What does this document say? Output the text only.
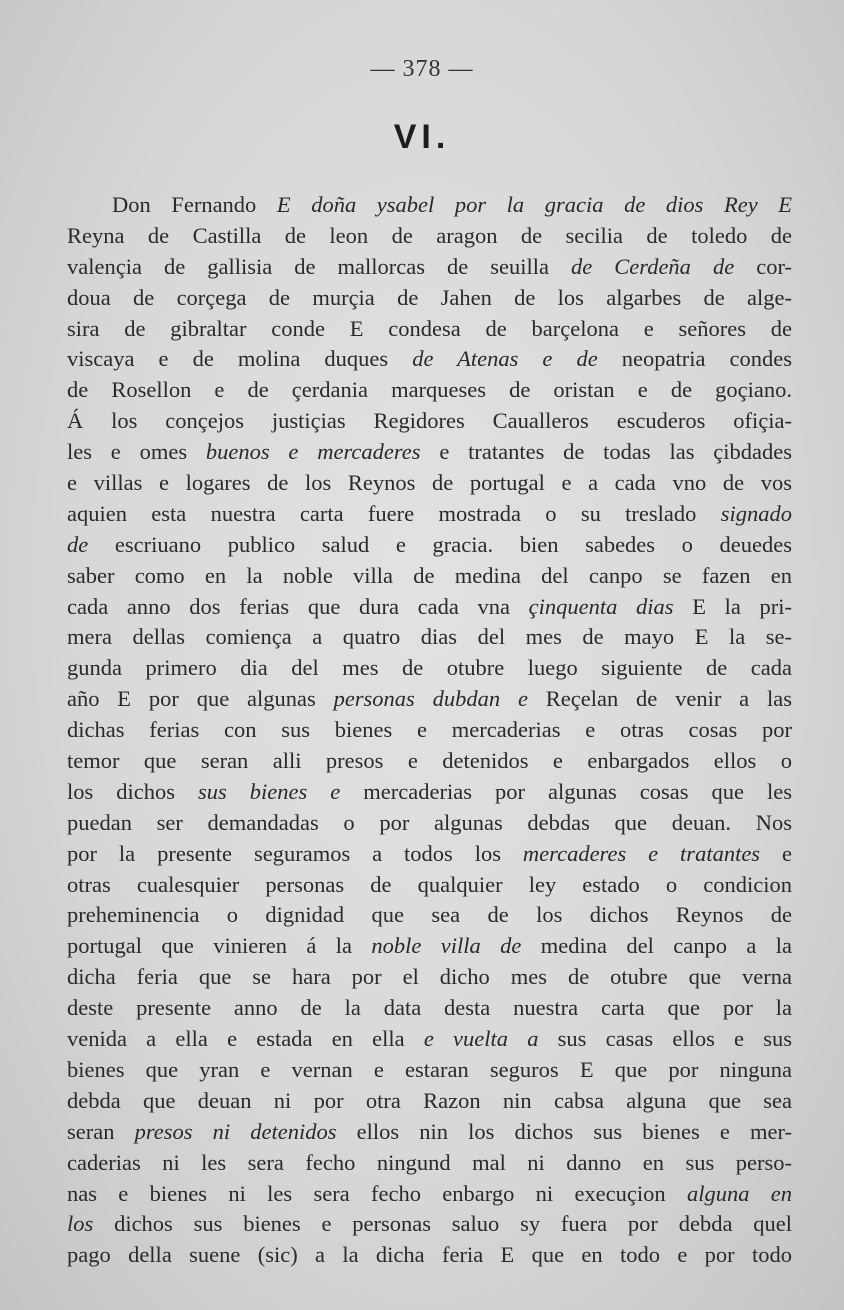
— 378 —
VI.
Don Fernando E doña ysabel por la gracia de dios Rey E
Reyna de Castilla de leon de aragon de secilia de toledo de
valençia de gallisia de mallorcas de seuilla de Cerdeña de cor-
doua de corçega de murçia de Jahen de los algarbes de alge-
sira de gibraltar conde E condesa de barçelona e señores de
viscaya e de molina duques de Atenas e de neopatria condes
de Rosellon e de çerdania marqueses de oristan e de goçiano.
Á los conçejos justiçias Regidores Caualleros escuderos ofiçia-
les e omes buenos e mercaderes e tratantes de todas las çibdades
e villas e logares de los Reynos de portugal e a cada vno de vos
aquien esta nuestra carta fuere mostrada o su treslado signado
de escriuano publico salud e gracia. bien sabedes o deuedes
saber como en la noble villa de medina del canpo se fazen en
cada anno dos ferias que dura cada vna çinquenta dias E la pri-
mera dellas comiença a quatro dias del mes de mayo E la se-
gunda primero dia del mes de otubre luego siguiente de cada
año E por que algunas personas dubdan e Reçelan de venir a las
dichas ferias con sus bienes e mercaderias e otras cosas por
temor que seran alli presos e detenidos e enbargados ellos o
los dichos sus bienes e mercaderias por algunas cosas que les
puedan ser demandadas o por algunas debdas que deuan. Nos
por la presente seguramos a todos los mercaderes e tratantes e
otras cualesquier personas de qualquier ley estado o condicion
preheminencia o dignidad que sea de los dichos Reynos de
portugal que vinieren á la noble villa de medina del canpo a la
dicha feria que se hara por el dicho mes de otubre que verna
deste presente anno de la data desta nuestra carta que por la
venida a ella e estada en ella e vuelta a sus casas ellos e sus
bienes que yran e vernan e estaran seguros E que por ninguna
debda que deuan ni por otra Razon nin cabsa alguna que sea
seran presos ni detenidos ellos nin los dichos sus bienes e mer-
caderias ni les sera fecho ningund mal ni danno en sus perso-
nas e bienes ni les sera fecho enbargo ni execuçion alguna en
los dichos sus bienes e personas saluo sy fuera por debda quel
pago della suene (sic) a la dicha feria E que en todo e por todo
